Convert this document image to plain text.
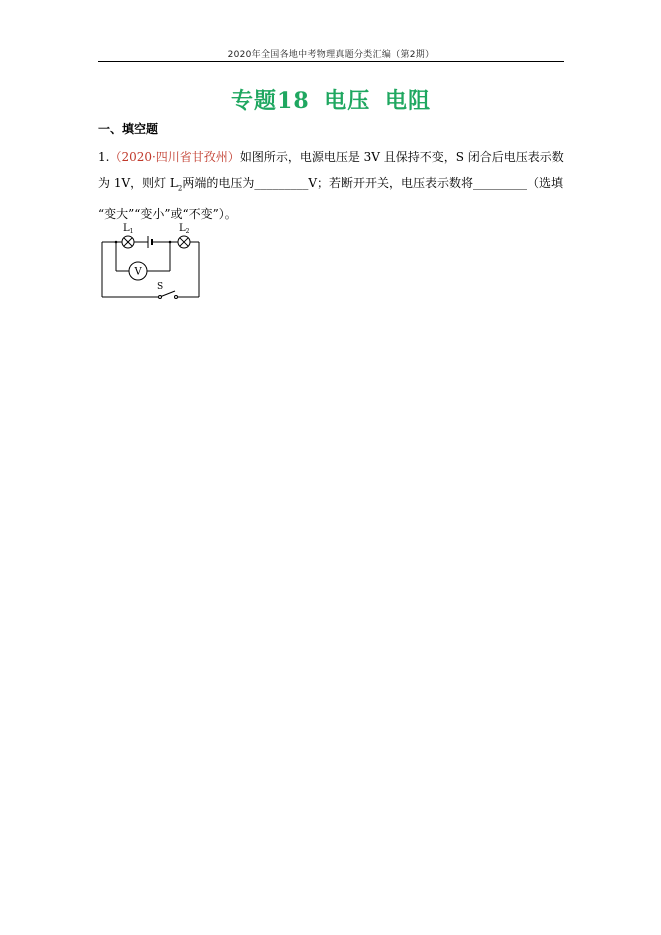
2020年全国各地中考物理真题分类汇编（第2期）
专题18 电压 电阻
一、填空题
1.（2020·四川省甘孜州）如图所示，电源电压是 3V 且保持不变，S 闭合后电压表示数为 1V，则灯 $L_2$两端的电压为_________V；若断开开关，电压表示数将_________（选填 “变大”“变小”或“不变”）。
$L_1$	$L_2$
V
S
